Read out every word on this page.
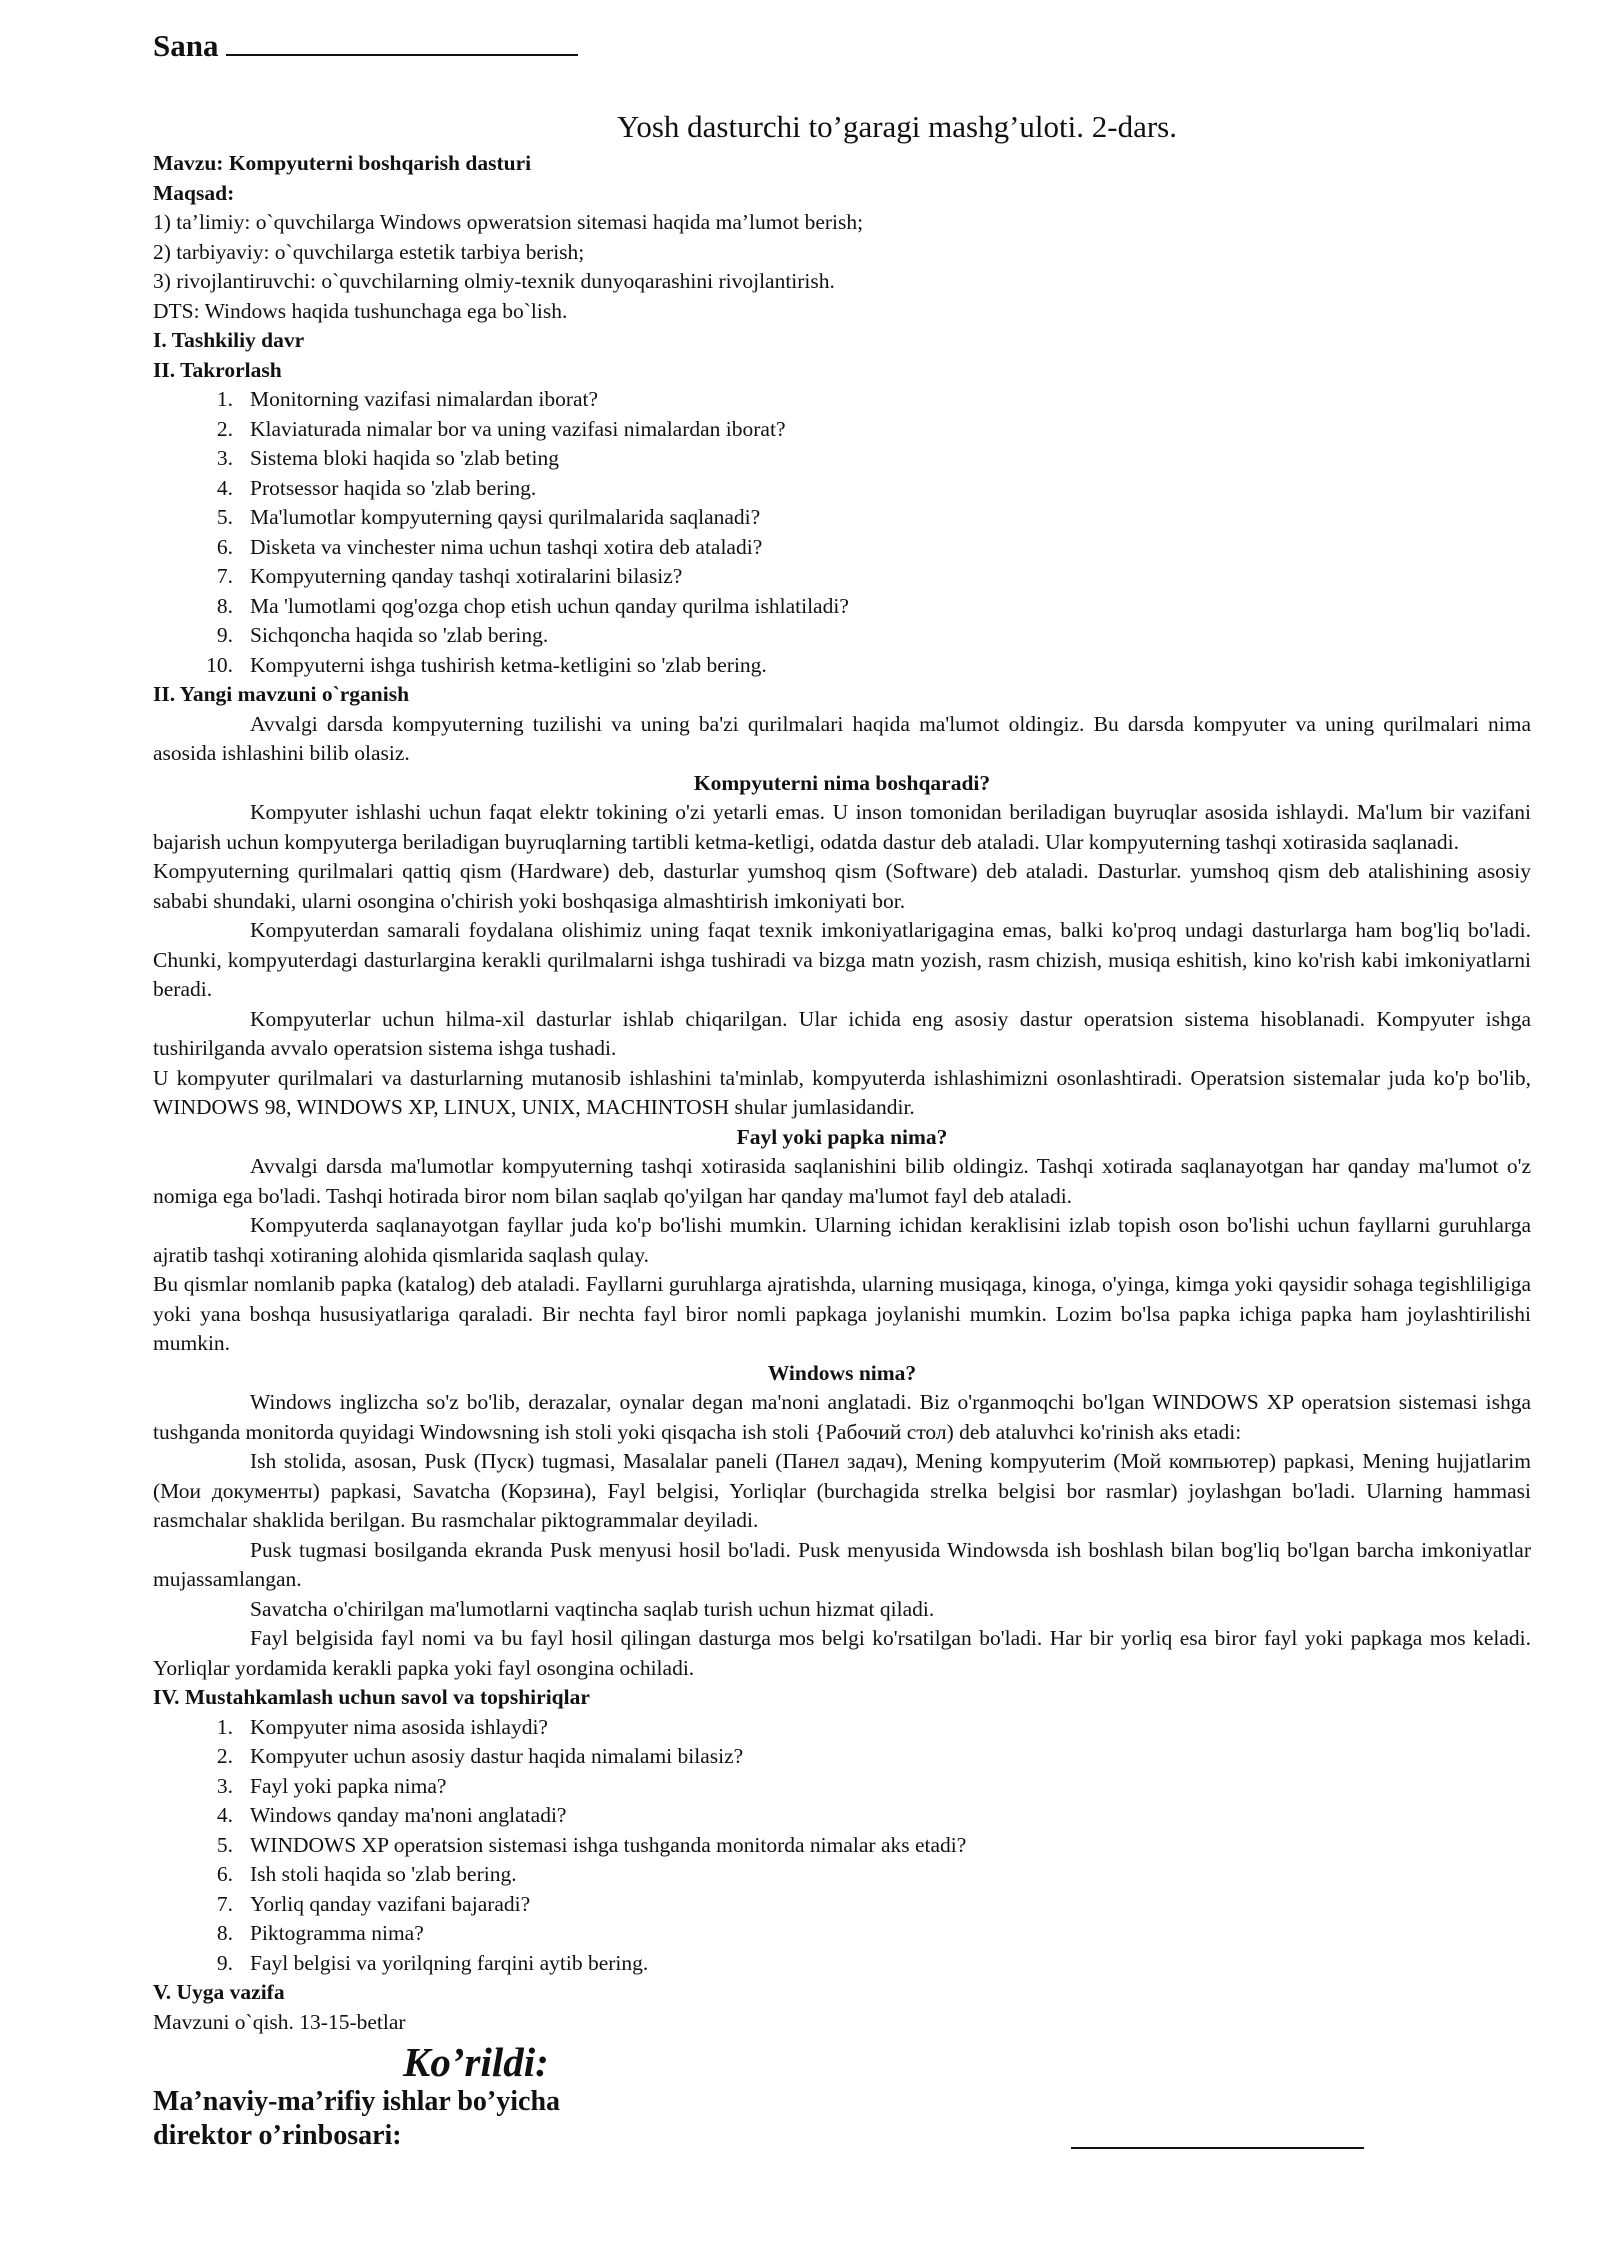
Sana
Yosh dasturchi to’garagi mashg’uloti. 2-dars.
Mavzu: Kompyuterni boshqarish dasturi
Maqsad:
1) ta’limiy: o`quvchilarga Windows opweratsion sitemasi haqida ma’lumot berish;
2) tarbiyaviy: o`quvchilarga estetik tarbiya berish;
3) rivojlantiruvchi: o`quvchilarning olmiy-texnik dunyoqarashini rivojlantirish.
DTS: Windows haqida tushunchaga ega bo`lish.
I. Tashkiliy davr
II. Takrorlash
1. Monitorning vazifasi nimalardan iborat?
2. Klaviaturada nimalar bor va uning vazifasi nimalardan iborat?
3. Sistema bloki haqida so 'zlab beting
4. Protsessor haqida so 'zlab bering.
5. Ma'lumotlar kompyuterning qaysi qurilmalarida saqlanadi?
6. Disketa va vinchester nima uchun tashqi xotira deb ataladi?
7. Kompyuterning qanday tashqi xotiralarini bilasiz?
8. Ma 'lumotlami qog'ozga chop etish uchun qanday qurilma ishlatiladi?
9. Sichqoncha haqida so 'zlab bering.
10. Kompyuterni ishga tushirish ketma-ketligini so 'zlab bering.
II. Yangi mavzuni o`rganish

Avvalgi darsda kompyuterning tuzilishi va uning ba'zi qurilmalari haqida ma'lumot oldingiz. Bu darsda kompyuter va uning qurilmalari nima asosida ishlashini bilib olasiz.

Kompyuterni nima boshqaradi?

Kompyuter ishlashi uchun faqat elektr tokining o'zi yetarli emas. U inson tomonidan beriladigan buyruqlar asosida ishlaydi. Ma'lum bir vazifani bajarish uchun kompyuterga beriladigan buyruqlarning tartibli ketma-ketligi, odatda dastur deb ataladi. Ular kompyuterning tashqi xotirasida saqlanadi.

Kompyuterning qurilmalari qattiq qism (Hardware) deb, dasturlar yumshoq qism (Software) deb ataladi. Dasturlar. yumshoq qism deb atalishining asosiy sababi shundaki, ularni osongina o'chirish yoki boshqasiga almashtirish imkoniyati bor.

Kompyuterdan samarali foydalana olishimiz uning faqat texnik imkoniyatlarigagina emas, balki ko'proq undagi dasturlarga ham bog'liq bo'ladi. Chunki, kompyuterdagi dasturlargina kerakli qurilmalarni ishga tushiradi va bizga matn yozish, rasm chizish, musiqa eshitish, kino ko'rish kabi imkoniyatlarni beradi.

Kompyuterlar uchun hilma-xil dasturlar ishlab chiqarilgan. Ular ichida eng asosiy dastur operatsion sistema hisoblanadi. Kompyuter ishga tushirilganda avvalo operatsion sistema ishga tushadi.

U kompyuter qurilmalari va dasturlarning mutanosib ishlashini ta'minlab, kompyuterda ishlashimizni osonlashtiradi. Operatsion sistemalar juda ko'p bo'lib, WINDOWS 98, WINDOWS XP, LINUX, UNIX, MACHINTOSH shular jumlasidandir.

Fayl yoki papka nima?

Avvalgi darsda ma'lumotlar kompyuterning tashqi xotirasida saqlanishini bilib oldingiz. Tashqi xotirada saqlanayotgan har qanday ma'lumot o'z nomiga ega bo'ladi. Tashqi hotirada biror nom bilan saqlab qo'yilgan har qanday ma'lumot fayl deb ataladi.

Kompyuterda saqlanayotgan fayllar juda ko'p bo'lishi mumkin. Ularning ichidan keraklisini izlab topish oson bo'lishi uchun fayllarni guruhlarga ajratib tashqi xotiraning alohida qismlarida saqlash qulay.

Bu qismlar nomlanib papka (katalog) deb ataladi. Fayllarni guruhlarga ajratishda, ularning musiqaga, kinoga, o'yinga, kimga yoki qaysidir sohaga tegishliligiga yoki yana boshqa hususiyatlariga qaraladi. Bir nechta fayl biror nomli papkaga joylanishi mumkin. Lozim bo'lsa papka ichiga papka ham joylashtirilishi mumkin.

Windows nima?

Windows inglizcha so'z bo'lib, derazalar, oynalar degan ma'noni anglatadi. Biz o'rganmoqchi bo'lgan WINDOWS XP operatsion sistemasi ishga tushganda monitorda quyidagi Windowsning ish stoli yoki qisqacha ish stoli {Рабочий стол) deb ataluvhci ko'rinish aks etadi:

Ish stolida, asosan, Pusk (Пуск) tugmasi, Masalalar paneli (Панел задач), Mening kompyuterim (Мой компьютер) papkasi, Mening hujjatlarim (Мои документы) papkasi, Savatcha (Корзина), Fayl belgisi, Yorliqlar (burchagida strelka belgisi bor rasmlar) joylashgan bo'ladi. Ularning hammasi rasmchalar shaklida berilgan. Bu rasmchalar piktogrammalar deyiladi.

Pusk tugmasi bosilganda ekranda Pusk menyusi hosil bo'ladi. Pusk menyusida Windowsda ish boshlash bilan bog'liq bo'lgan barcha imkoniyatlar mujassamlangan.

Savatcha o'chirilgan ma'lumotlarni vaqtincha saqlab turish uchun hizmat qiladi.

Fayl belgisida fayl nomi va bu fayl hosil qilingan dasturga mos belgi ko'rsatilgan bo'ladi. Har bir yorliq esa biror fayl yoki papkaga mos keladi. Yorliqlar yordamida kerakli papka yoki fayl osongina ochiladi.

IV. Mustahkamlash uchun savol va topshiriqlar
1. Kompyuter nima asosida ishlaydi?
2. Kompyuter uchun asosiy dastur haqida nimalami bilasiz?
3. Fayl yoki papka nima?
4. Windows qanday ma'noni anglatadi?
5. WINDOWS XP operatsion sistemasi ishga tushganda monitorda nimalar aks etadi?
6. Ish stoli haqida so 'zlab bering.
7. Yorliq qanday vazifani bajaradi?
8. Piktogramma nima?
9. Fayl belgisi va yorilqning farqini aytib bering.
V. Uyga vazifa
Mavzuni o`qish. 13-15-betlar
Ko’rildi:
Ma’naviy-ma’rifiy ishlar bo’yicha
direktor o’rinbosari:
